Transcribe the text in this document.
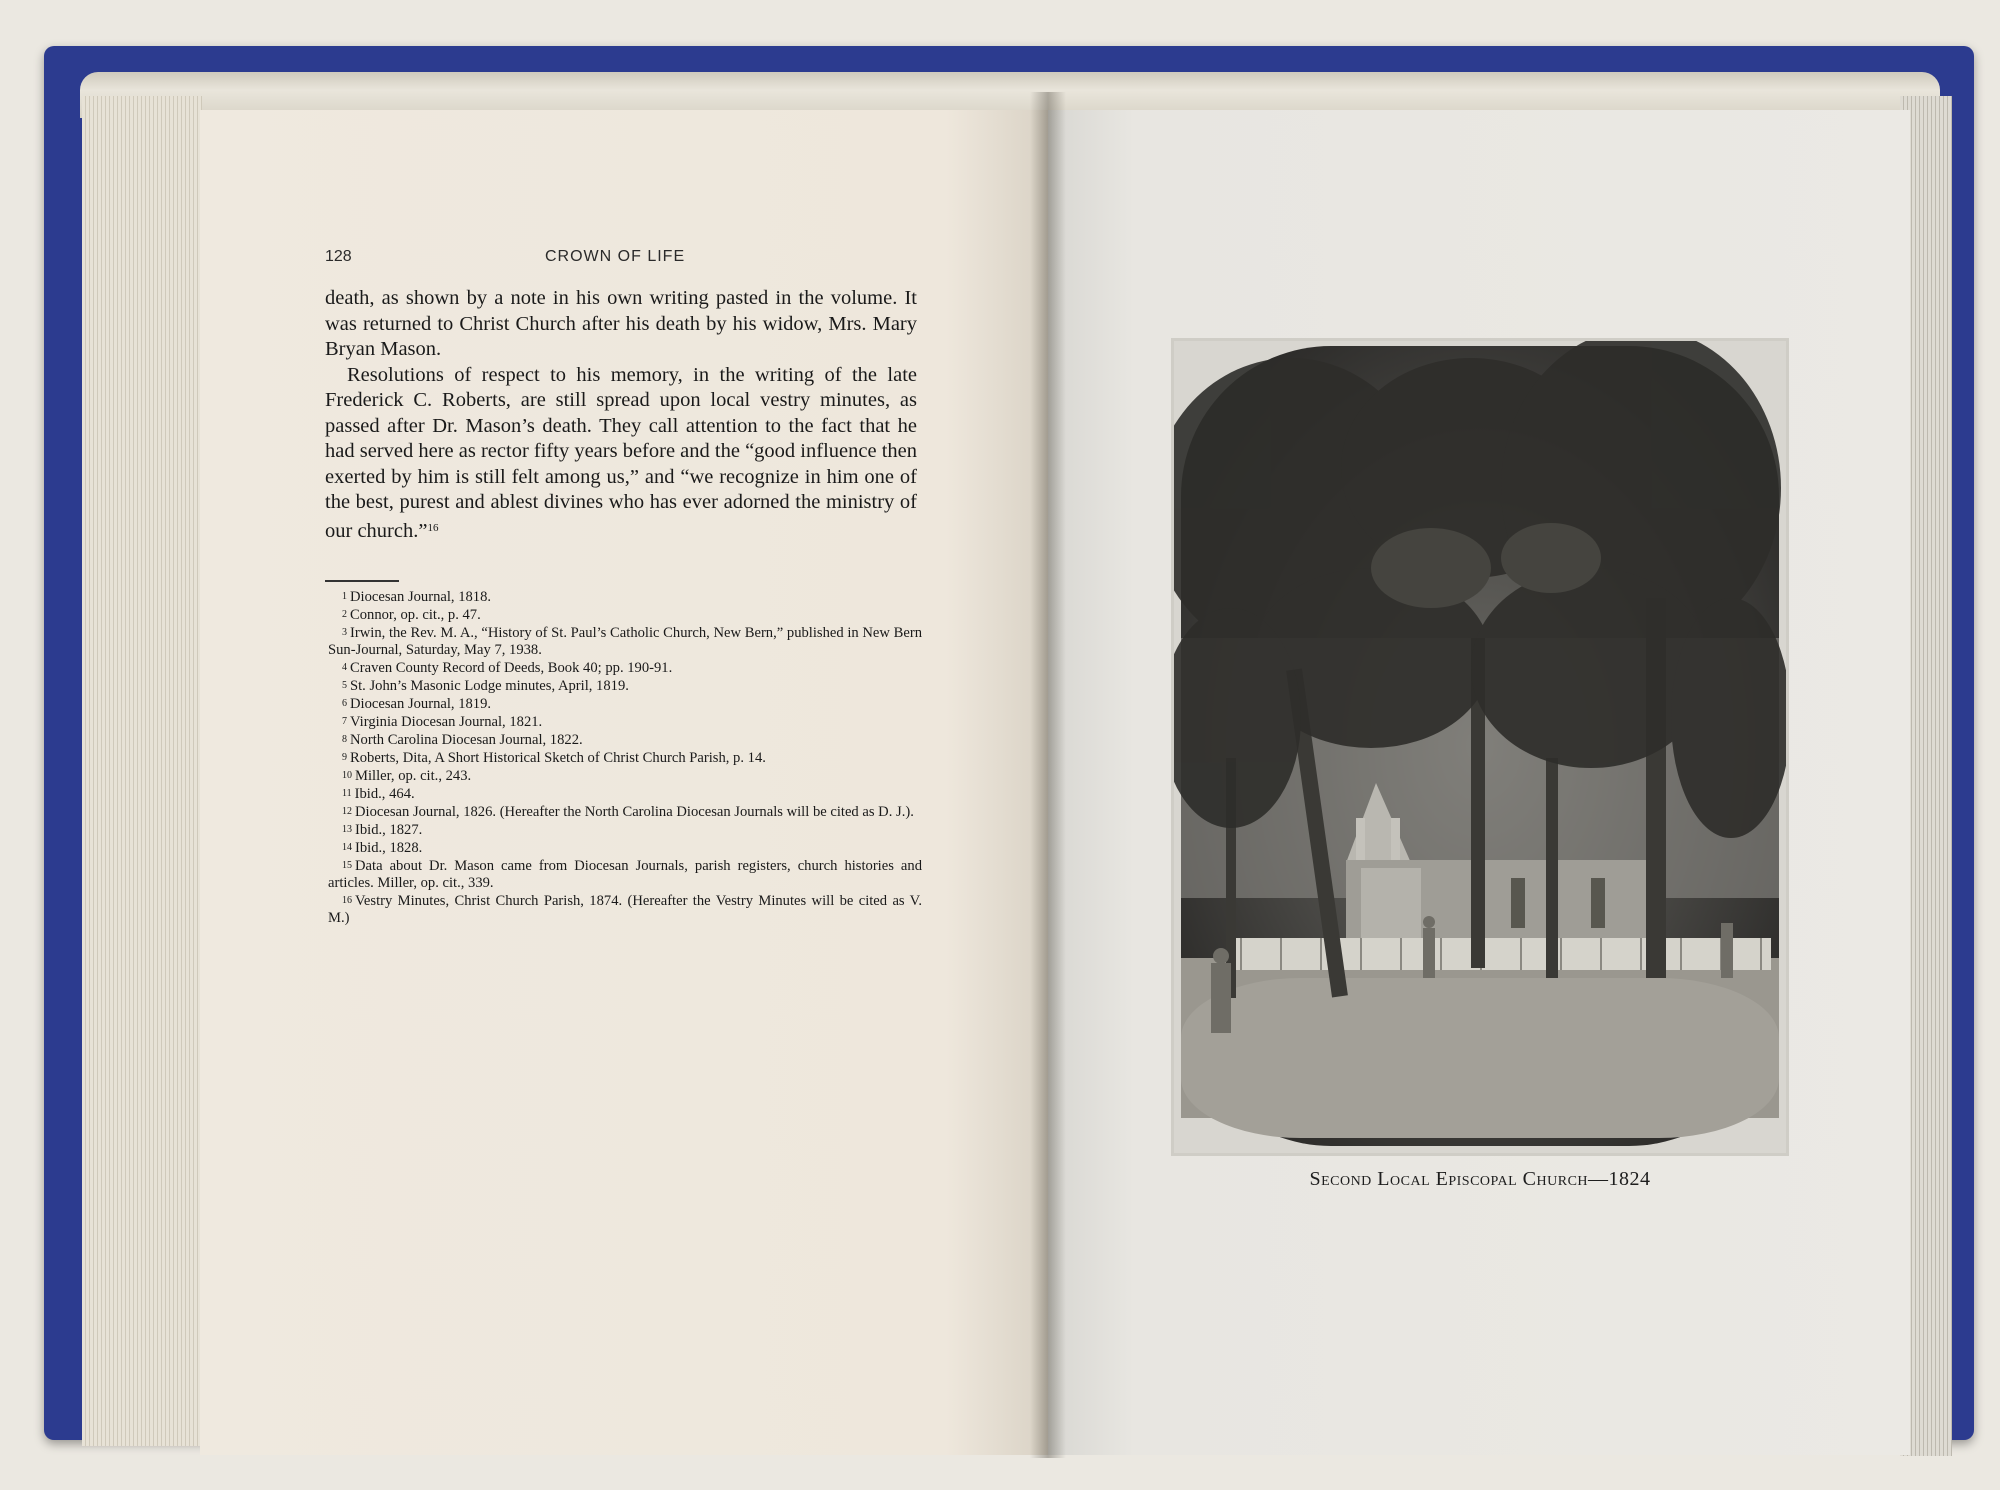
128	CROWN OF LIFE

death, as shown by a note in his own writing pasted in the volume. It was returned to Christ Church after his death by his widow, Mrs. Mary Bryan Mason.

Resolutions of respect to his memory, in the writing of the late Frederick C. Roberts, are still spread upon local vestry minutes, as passed after Dr. Mason’s death. They call attention to the fact that he had served here as rector fifty years before and the “good influence then exerted by him is still felt among us,” and “we recognize in him one of the best, purest and ablest divines who has ever adorned the ministry of our church.”$^{16}$

1 Diocesan Journal, 1818.

2 Connor, op. cit., p. 47.

3 Irwin, the Rev. M. A., “History of St. Paul’s Catholic Church, New Bern,” published in New Bern Sun-Journal, Saturday, May 7, 1938.

4 Craven County Record of Deeds, Book 40; pp. 190-91.

5 St. John’s Masonic Lodge minutes, April, 1819.

6 Diocesan Journal, 1819.

7 Virginia Diocesan Journal, 1821.

8 North Carolina Diocesan Journal, 1822.

9 Roberts, Dita, A Short Historical Sketch of Christ Church Parish, p. 14.

10 Miller, op. cit., 243.

11 Ibid., 464.

12 Diocesan Journal, 1826. (Hereafter the North Carolina Diocesan Journals will be cited as D. J.).

13 Ibid., 1827.

14 Ibid., 1828.

15 Data about Dr. Mason came from Diocesan Journals, parish registers, church histories and articles. Miller, op. cit., 339.

16 Vestry Minutes, Christ Church Parish, 1874. (Hereafter the Vestry Minutes will be cited as V. M.)

Second Local Episcopal Church—1824
